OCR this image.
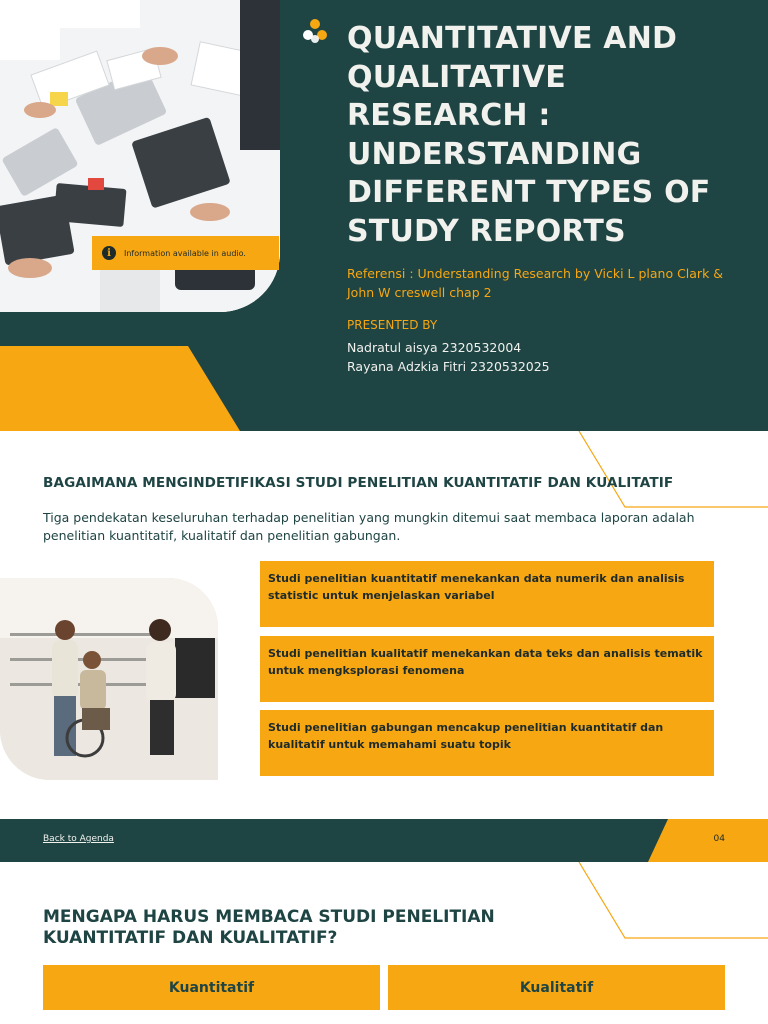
i	Information available in audio.
QUANTITATIVE AND QUALITATIVE RESEARCH : UNDERSTANDING DIFFERENT TYPES OF STUDY REPORTS

Referensi : Understanding Research by Vicki L plano Clark & John W creswell chap 2

PRESENTED BY

Nadratul aisya 2320532004
Rayana Adzkia Fitri 2320532025
BAGAIMANA MENGINDETIFIKASI STUDI PENELITIAN KUANTITATIF DAN KUALITATIF

Tiga pendekatan keseluruhan terhadap penelitian yang mungkin ditemui saat membaca laporan adalah penelitian kuantitatif, kualitatif dan penelitian gabungan.

Studi penelitian kuantitatif menekankan data numerik dan analisis statistic untuk menjelaskan variabel
Studi penelitian kualitatif menekankan data teks dan analisis tematik untuk mengksplorasi fenomena
Studi penelitian gabungan mencakup penelitian kuantitatif dan kualitatif untuk memahami suatu topik
Back to Agenda	04
MENGAPA HARUS MEMBACA STUDI PENELITIAN KUANTITATIF DAN KUALITATIF?
Kuantitatif	Kualitatif
